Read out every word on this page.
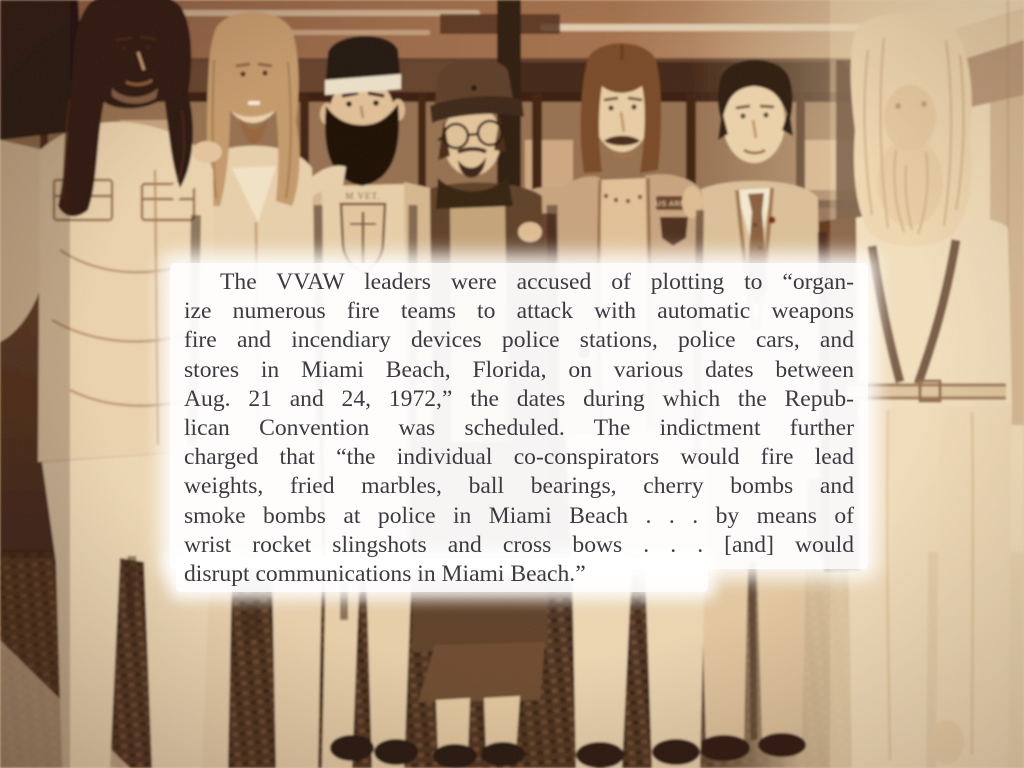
The VVAW leaders were accused of plotting to “organ-
ize numerous fire teams to attack with automatic weapons
fire and incendiary devices police stations, police cars, and
stores in Miami Beach, Florida, on various dates between
Aug. 21 and 24, 1972,” the dates during which the Repub-
lican Convention was scheduled. The indictment further
charged that “the individual co-conspirators would fire lead
weights, fried marbles, ball bearings, cherry bombs and
smoke bombs at police in Miami Beach . . . by means of
wrist rocket slingshots and cross bows . . . [and] would
disrupt communications in Miami Beach.”
